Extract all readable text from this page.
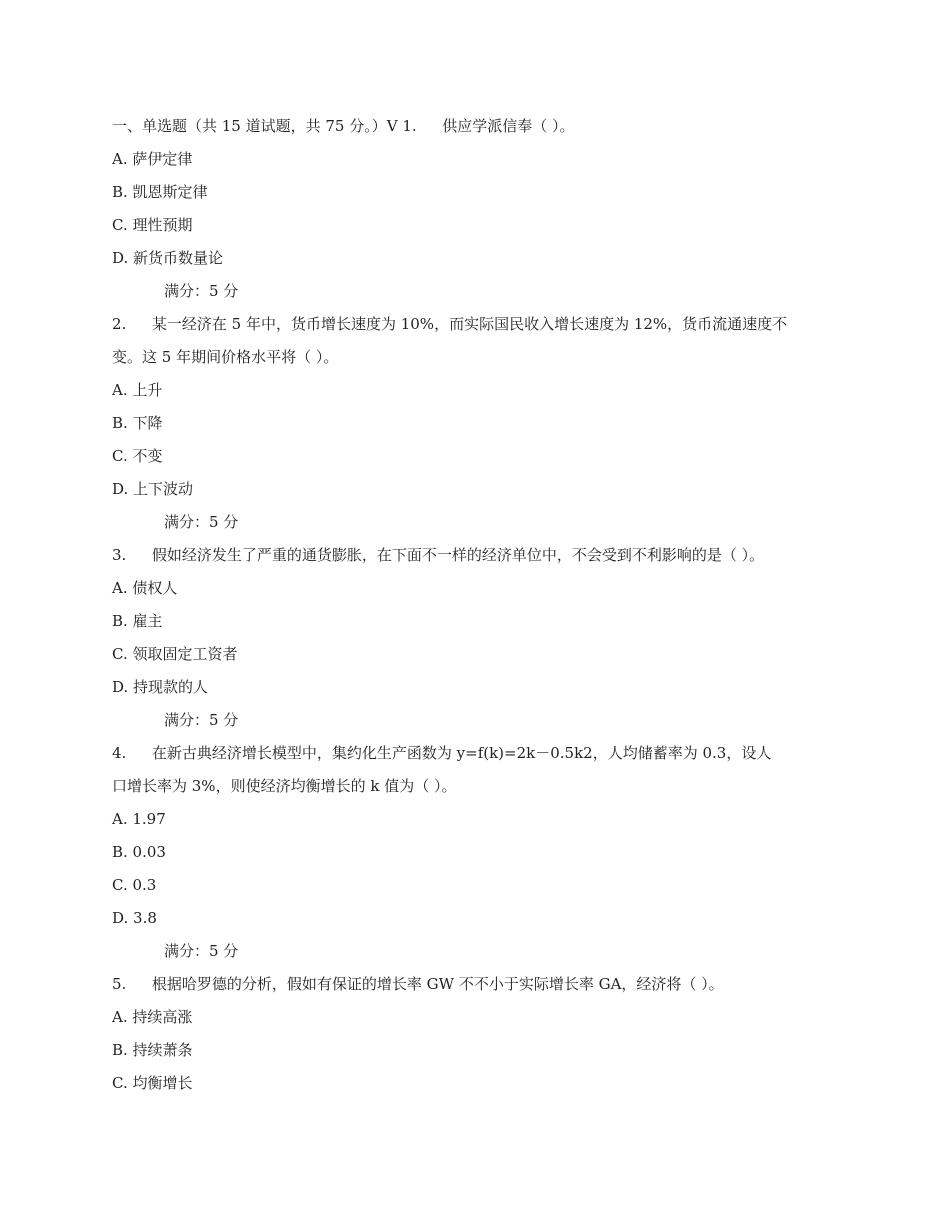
一、单选题（共 15 道试题，共 75 分。）V 1. 供应学派信奉（ ）。
A. 萨伊定律
B. 凯恩斯定律
C. 理性预期
D. 新货币数量论
满分：5 分
2. 某一经济在 5 年中，货币增长速度为 10%，而实际国民收入增长速度为 12%，货币流通速度不
变。这 5 年期间价格水平将（ ）。
A. 上升
B. 下降
C. 不变
D. 上下波动
满分：5 分
3. 假如经济发生了严重的通货膨胀，在下面不一样的经济单位中，不会受到不利影响的是（ ）。
A. 债权人
B. 雇主
C. 领取固定工资者
D. 持现款的人
满分：5 分
4. 在新古典经济增长模型中，集约化生产函数为 y=f(k)=2k－0.5k2，人均储蓄率为 0.3，设人
口增长率为 3%，则使经济均衡增长的 k 值为（ ）。
A. 1.97
B. 0.03
C. 0.3
D. 3.8
满分：5 分
5. 根据哈罗德的分析，假如有保证的增长率 GW 不不小于实际增长率 GA，经济将（ ）。
A. 持续高涨
B. 持续萧条
C. 均衡增长
